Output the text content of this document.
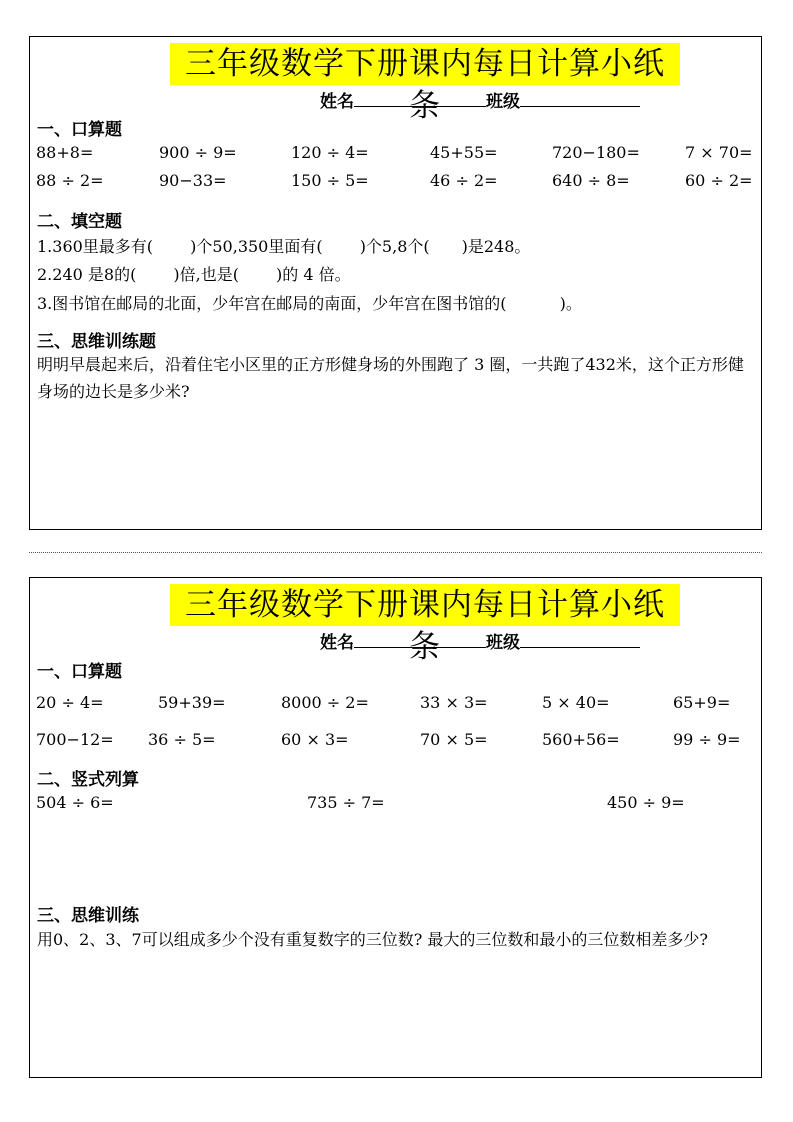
三年级数学下册课内每日计算小纸条
姓名	班级
一、口算题
88+8=	900 ÷ 9=	120 ÷ 4=	45+55=	720−180=	7 × 70=
88 ÷ 2=	90−33=	150 ÷ 5=	46 ÷ 2=	640 ÷ 8=	60 ÷ 2=
二、填空题
1.360里最多有(　　 )个50,350里面有(　　 )个5,8个(　　)是248。
2.240 是8的(　　 )倍,也是(　　 )的 4 倍。
3.图书馆在邮局的北面，少年宫在邮局的南面，少年宫在图书馆的(　　　 )。
三、思维训练题
明明早晨起来后，沿着住宅小区里的正方形健身场的外围跑了 3 圈，一共跑了432米，这个正方形健身场的边长是多少米?
三年级数学下册课内每日计算小纸条
姓名	班级
一、口算题
20 ÷ 4=	59+39=	8000 ÷ 2=	33 × 3=	5 × 40=	65+9=
700−12= 36 ÷ 5=	60 × 3=	70 × 5=	560+56=	99 ÷ 9=
二、竖式列算
504 ÷ 6=	735 ÷ 7=	450 ÷ 9=
三、思维训练
用0、2、3、7可以组成多少个没有重复数字的三位数? 最大的三位数和最小的三位数相差多少?
